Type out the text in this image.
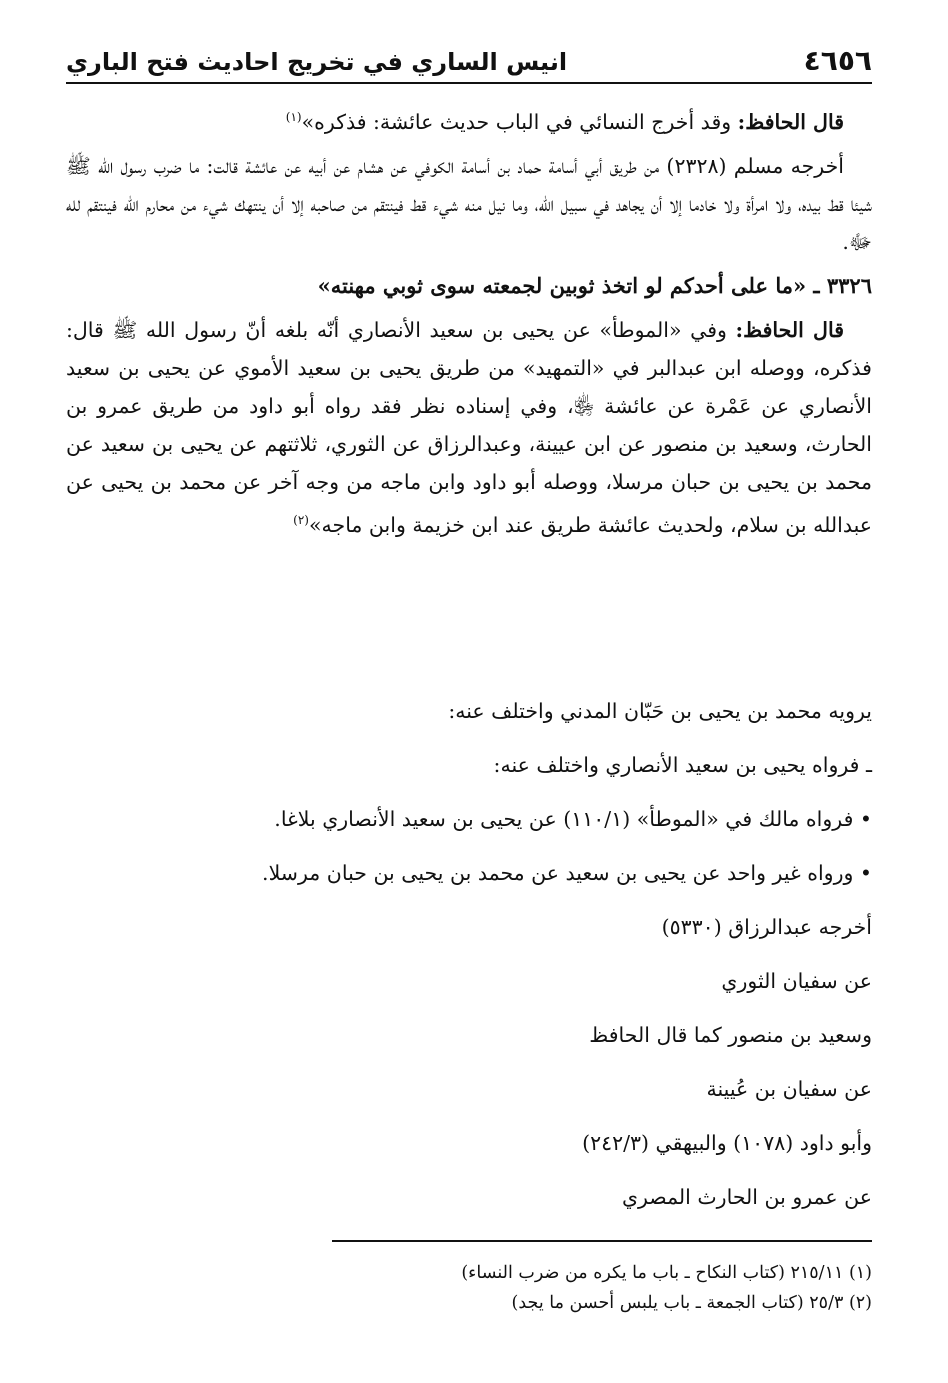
٤٦٥٦
انيس الساري في تخريج احاديث فتح الباري

قال الحافظ: وقد أخرج النسائي في الباب حديث عائشة: فذكره»$^{(١)}$

أخرجه مسلم (٢٣٢٨) من طريق أبي أسامة حماد بن أسامة الكوفي عن هشام عن أبيه عن عائشة قالت: ما ضرب رسول الله ﷺ شيئا قط بيده، ولا امرأة ولا خادما إلا أن يجاهد في سبيل الله، وما نيل منه شيء قط فينتقم من صاحبه إلا أن ينتهك شيء من محارم الله فينتقم لله ﷻ.

٣٣٢٦ ـ «ما على أحدكم لو اتخذ ثوبين لجمعته سوى ثوبي مهنته»

قال الحافظ: وفي «الموطأ» عن يحيى بن سعيد الأنصاري أنّه بلغه أنّ رسول الله ﷺ قال: فذكره، ووصله ابن عبدالبر في «التمهيد» من طريق يحيى بن سعيد الأموي عن يحيى بن سعيد الأنصاري عن عَمْرة عن عائشة ﵂، وفي إسناده نظر فقد رواه أبو داود من طريق عمرو بن الحارث، وسعيد بن منصور عن ابن عيينة، وعبدالرزاق عن الثوري، ثلاثتهم عن يحيى بن سعيد عن محمد بن يحيى بن حبان مرسلا، ووصله أبو داود وابن ماجه من وجه آخر عن محمد بن يحيى عن عبدالله بن سلام، ولحديث عائشة طريق عند ابن خزيمة وابن ماجه»$^{(٢)}$

يرويه محمد بن يحيى بن حَبّان المدني واختلف عنه:
ـ فرواه يحيى بن سعيد الأنصاري واختلف عنه:
• فرواه مالك في «الموطأ» (١١٠/١) عن يحيى بن سعيد الأنصاري بلاغا.
• ورواه غير واحد عن يحيى بن سعيد عن محمد بن يحيى بن حبان مرسلا.
أخرجه عبدالرزاق (٥٣٣٠)
عن سفيان الثوري
وسعيد بن منصور كما قال الحافظ
عن سفيان بن عُيينة
وأبو داود (١٠٧٨) والبيهقي (٢٤٢/٣)
عن عمرو بن الحارث المصري
(١) ٢١٥/١١ (كتاب النكاح ـ باب ما يكره من ضرب النساء)
(٢) ٢٥/٣ (كتاب الجمعة ـ باب يلبس أحسن ما يجد)
